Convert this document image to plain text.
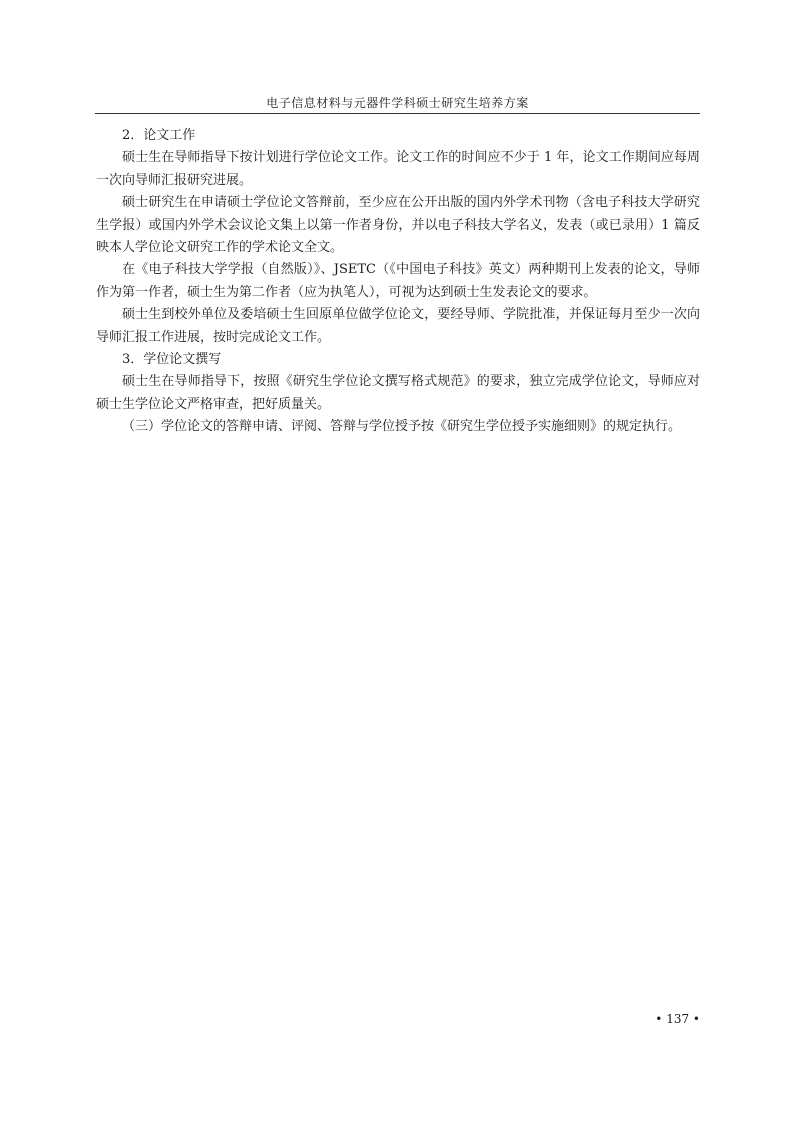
电子信息材料与元器件学科硕士研究生培养方案

2．论文工作

硕士生在导师指导下按计划进行学位论文工作。论文工作的时间应不少于 1 年，论文工作期间应每周一次向导师汇报研究进展。

硕士研究生在申请硕士学位论文答辩前，至少应在公开出版的国内外学术刊物（含电子科技大学研究生学报）或国内外学术会议论文集上以第一作者身份，并以电子科技大学名义，发表（或已录用）1 篇反映本人学位论文研究工作的学术论文全文。

在《电子科技大学学报（自然版）》、JSETC（《中国电子科技》英文）两种期刊上发表的论文，导师作为第一作者，硕士生为第二作者（应为执笔人），可视为达到硕士生发表论文的要求。

硕士生到校外单位及委培硕士生回原单位做学位论文，要经导师、学院批准，并保证每月至少一次向导师汇报工作进展，按时完成论文工作。

3．学位论文撰写

硕士生在导师指导下，按照《研究生学位论文撰写格式规范》的要求，独立完成学位论文，导师应对硕士生学位论文严格审查，把好质量关。

（三）学位论文的答辩申请、评阅、答辩与学位授予按《研究生学位授予实施细则》的规定执行。

• 137 •
